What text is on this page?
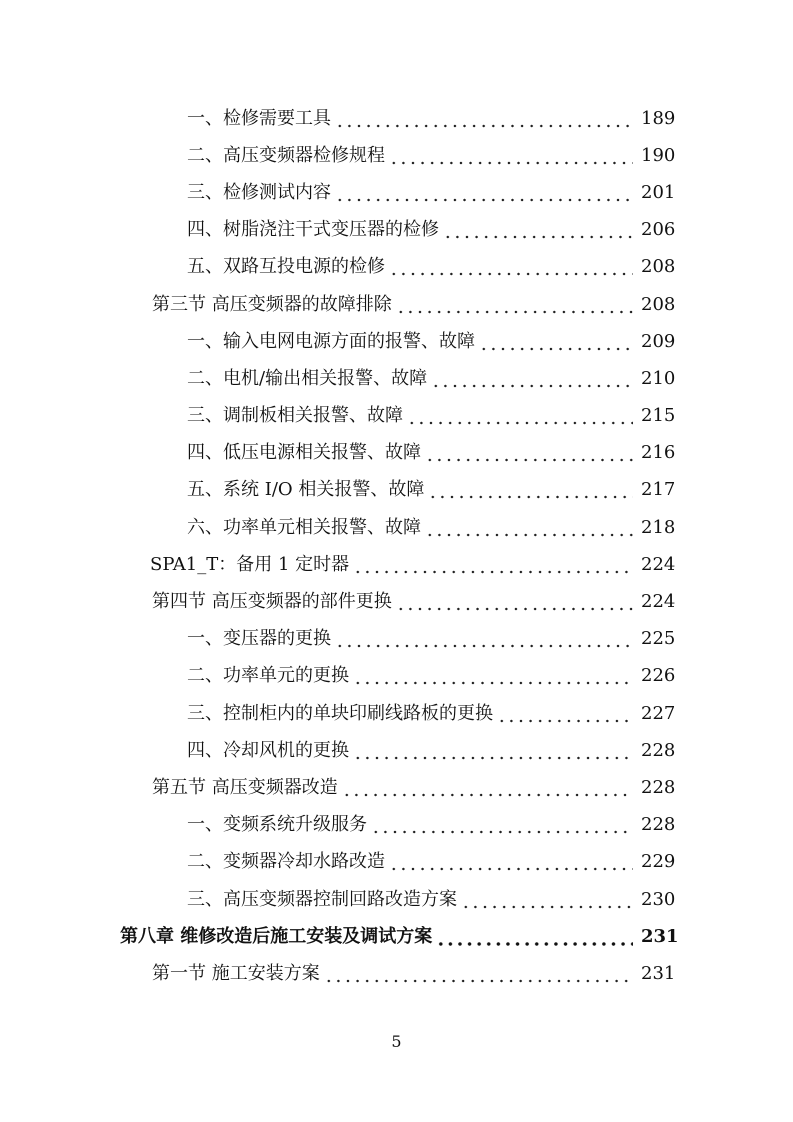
一、检修需要工具	189
二、高压变频器检修规程	190
三、检修测试内容	201
四、树脂浇注干式变压器的检修	206
五、双路互投电源的检修	208
第三节 高压变频器的故障排除	208
一、输入电网电源方面的报警、故障	209
二、电机/输出相关报警、故障	210
三、调制板相关报警、故障	215
四、低压电源相关报警、故障	216
五、系统 I/O 相关报警、故障	217
六、功率单元相关报警、故障	218
SPA1_T：备用 1 定时器	224
第四节 高压变频器的部件更换	224
一、变压器的更换	225
二、功率单元的更换	226
三、控制柜内的单块印刷线路板的更换	227
四、冷却风机的更换	228
第五节 高压变频器改造	228
一、变频系统升级服务	228
二、变频器冷却水路改造	229
三、高压变频器控制回路改造方案	230
第八章 维修改造后施工安装及调试方案	231
第一节 施工安装方案	231
5
